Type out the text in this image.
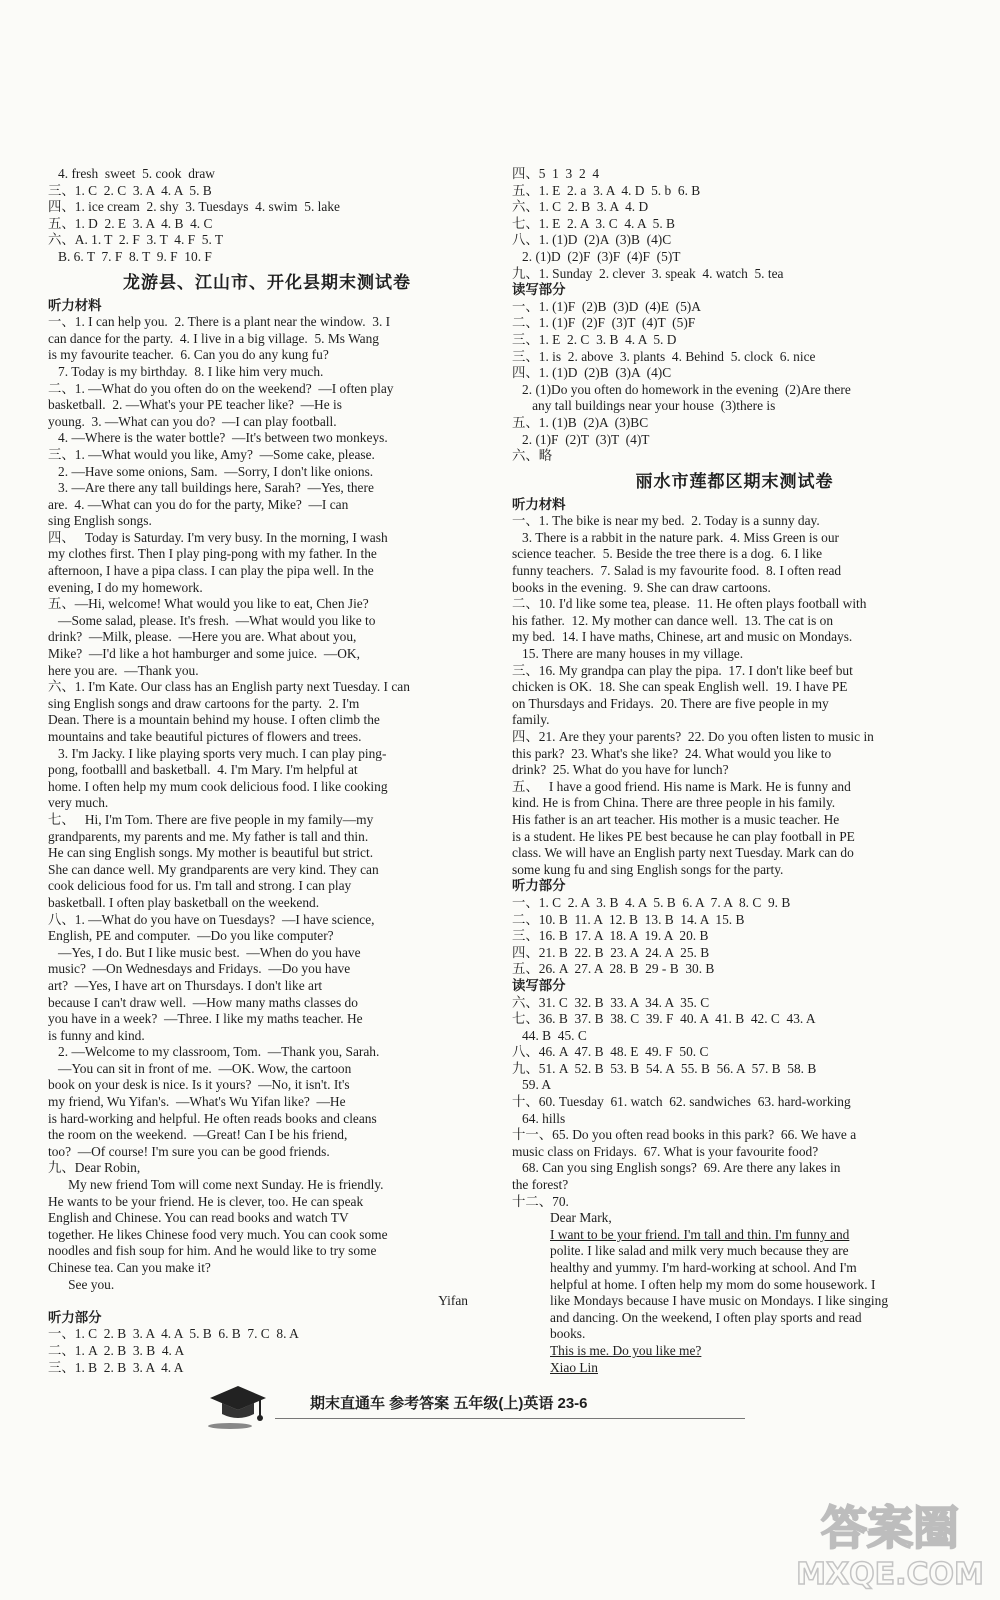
4. fresh  sweet  5. cook  draw
三、1. C  2. C  3. A  4. A  5. B
四、1. ice cream  2. shy  3. Tuesdays  4. swim  5. lake
五、1. D  2. E  3. A  4. B  4. C
六、A. 1. T  2. F  3. T  4. F  5. T
B. 6. T  7. F  8. T  9. F  10. F
龙游县、江山市、开化县期末测试卷
听力材料
一、1. I can help you.  2. There is a plant near the window.  3. I
can dance for the party.  4. I live in a big village.  5. Ms Wang
is my favourite teacher.  6. Can you do any kung fu?
7. Today is my birthday.  8. I like him very much.
二、1. —What do you often do on the weekend?  —I often play
basketball.  2. —What's your PE teacher like?  —He is
young.  3. —What can you do?  —I can play football.
4. —Where is the water bottle?  —It's between two monkeys.
三、1. —What would you like, Amy?  —Some cake, please.
2. —Have some onions, Sam.  —Sorry, I don't like onions.
3. —Are there any tall buildings here, Sarah?  —Yes, there
are.  4. —What can you do for the party, Mike?  —I can
sing English songs.
四、   Today is Saturday. I'm very busy. In the morning, I wash
my clothes first. Then I play ping-pong with my father. In the
afternoon, I have a pipa class. I can play the pipa well. In the
evening, I do my homework.
五、—Hi, welcome! What would you like to eat, Chen Jie?
—Some salad, please. It's fresh.  —What would you like to
drink?  —Milk, please.  —Here you are. What about you,
Mike?  —I'd like a hot hamburger and some juice.  —OK,
here you are.  —Thank you.
六、1. I'm Kate. Our class has an English party next Tuesday. I can
sing English songs and draw cartoons for the party.  2. I'm
Dean. There is a mountain behind my house. I often climb the
mountains and take beautiful pictures of flowers and trees.
3. I'm Jacky. I like playing sports very much. I can play ping-
pong, footballl and basketball.  4. I'm Mary. I'm helpful at
home. I often help my mum cook delicious food. I like cooking
very much.
七、   Hi, I'm Tom. There are five people in my family—my
grandparents, my parents and me. My father is tall and thin.
He can sing English songs. My mother is beautiful but strict.
She can dance well. My grandparents are very kind. They can
cook delicious food for us. I'm tall and strong. I can play
basketball. I often play basketball on the weekend.
八、1. —What do you have on Tuesdays?  —I have science,
English, PE and computer.  —Do you like computer?
—Yes, I do. But I like music best.  —When do you have
music?  —On Wednesdays and Fridays.  —Do you have
art?  —Yes, I have art on Thursdays. I don't like art
because I can't draw well.  —How many maths classes do
you have in a week?  —Three. I like my maths teacher. He
is funny and kind.
2. —Welcome to my classroom, Tom.  —Thank you, Sarah.
—You can sit in front of me.  —OK. Wow, the cartoon
book on your desk is nice. Is it yours?  —No, it isn't. It's
my friend, Wu Yifan's.  —What's Wu Yifan like?  —He
is hard-working and helpful. He often reads books and cleans
the room on the weekend.  —Great! Can I be his friend,
too?  —Of course! I'm sure you can be good friends.
九、Dear Robin,
My new friend Tom will come next Sunday. He is friendly.
He wants to be your friend. He is clever, too. He can speak
English and Chinese. You can read books and watch TV
together. He likes Chinese food very much. You can cook some
noodles and fish soup for him. And he would like to try some
Chinese tea. Can you make it?
See you.
Yifan
听力部分
一、1. C  2. B  3. A  4. A  5. B  6. B  7. C  8. A
二、1. A  2. B  3. B  4. A
三、1. B  2. B  3. A  4. A
四、5  1  3  2  4
五、1. E  2. a  3. A  4. D  5. b  6. B
六、1. C  2. B  3. A  4. D
七、1. E  2. A  3. C  4. A  5. B
八、1. (1)D  (2)A  (3)B  (4)C
2. (1)D  (2)F  (3)F  (4)F  (5)T
九、1. Sunday  2. clever  3. speak  4. watch  5. tea
读写部分
一、1. (1)F  (2)B  (3)D  (4)E  (5)A
二、1. (1)F  (2)F  (3)T  (4)T  (5)F
三、1. E  2. C  3. B  4. A  5. D
三、1. is  2. above  3. plants  4. Behind  5. clock  6. nice
四、1. (1)D  (2)B  (3)A  (4)C
2. (1)Do you often do homework in the evening  (2)Are there
any tall buildings near your house  (3)there is
五、1. (1)B  (2)A  (3)BC
2. (1)F  (2)T  (3)T  (4)T
六、略
丽水市莲都区期末测试卷
听力材料
一、1. The bike is near my bed.  2. Today is a sunny day.
3. There is a rabbit in the nature park.  4. Miss Green is our
science teacher.  5. Beside the tree there is a dog.  6. I like
funny teachers.  7. Salad is my favourite food.  8. I often read
books in the evening.  9. She can draw cartoons.
二、10. I'd like some tea, please.  11. He often plays football with
his father.  12. My mother can dance well.  13. The cat is on
my bed.  14. I have maths, Chinese, art and music on Mondays.
15. There are many houses in my village.
三、16. My grandpa can play the pipa.  17. I don't like beef but
chicken is OK.  18. She can speak English well.  19. I have PE
on Thursdays and Fridays.  20. There are five people in my
family.
四、21. Are they your parents?  22. Do you often listen to music in
this park?  23. What's she like?  24. What would you like to
drink?  25. What do you have for lunch?
五、   I have a good friend. His name is Mark. He is funny and
kind. He is from China. There are three people in his family.
His father is an art teacher. His mother is a music teacher. He
is a student. He likes PE best because he can play football in PE
class. We will have an English party next Tuesday. Mark can do
some kung fu and sing English songs for the party.
听力部分
一、1. C  2. A  3. B  4. A  5. B  6. A  7. A  8. C  9. B
二、10. B  11. A  12. B  13. B  14. A  15. B
三、16. B  17. A  18. A  19. A  20. B
四、21. B  22. B  23. A  24. A  25. B
五、26. A  27. A  28. B  29 - B  30. B
读写部分
六、31. C  32. B  33. A  34. A  35. C
七、36. B  37. B  38. C  39. F  40. A  41. B  42. C  43. A
44. B  45. C
八、46. A  47. B  48. E  49. F  50. C
九、51. A  52. B  53. B  54. A  55. B  56. A  57. B  58. B
59. A
十、60. Tuesday  61. watch  62. sandwiches  63. hard-working
64. hills
十一、65. Do you often read books in this park?  66. We have a
music class on Fridays.  67. What is your favourite food?
68. Can you sing English songs?  69. Are there any lakes in
the forest?
十二、70.
Dear Mark,
I want to be your friend. I'm tall and thin. I'm funny and
polite. I like salad and milk very much because they are
healthy and yummy. I'm hard-working at school. And I'm
helpful at home. I often help my mom do some housework. I
like Mondays because I have music on Mondays. I like singing
and dancing. On the weekend, I often play sports and read
books.
This is me. Do you like me?
Xiao Lin
期末直通车 参考答案 五年级(上)英语 23-6
答案圈
MXQE.COM
